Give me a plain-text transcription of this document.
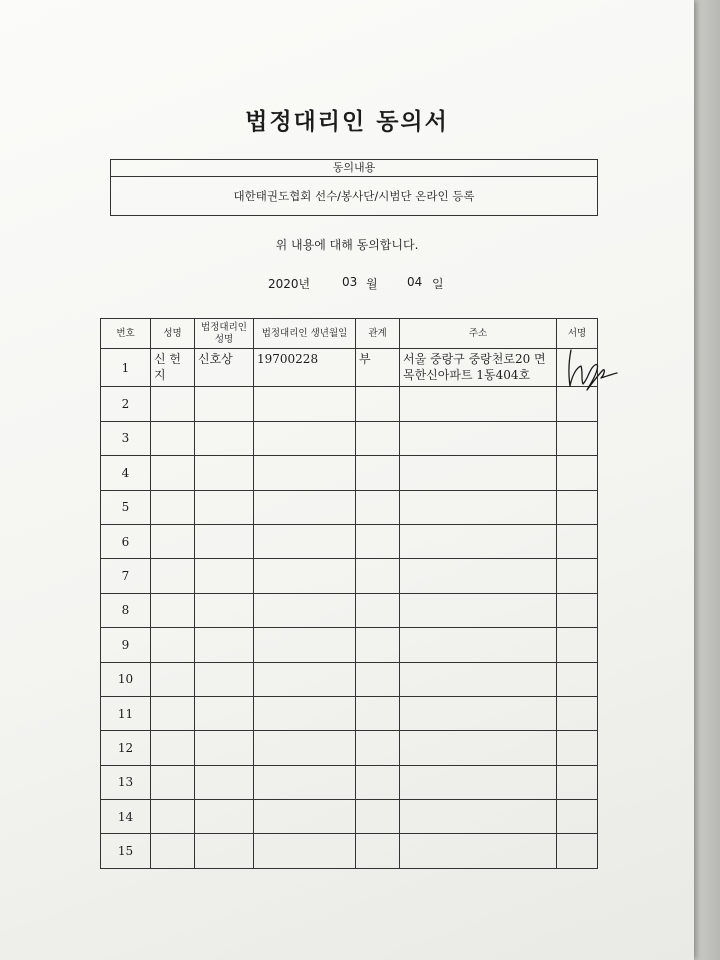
법정대리인 동의서
동의내용
대한태권도협회 선수/봉사단/시범단 온라인 등록
위 내용에 대해 동의합니다.
2020년	03 월 04 일
번호	성명	법정대리인 성명	법정대리인 생년월일	관계	주소	서명
1	신 헌 지	신호상	19700228	부	서울 중랑구 중랑천로20 면목한신아파트 1동404호	
2						
3						
4						
5						
6						
7						
8						
9						
10						
11						
12						
13						
14						
15						
